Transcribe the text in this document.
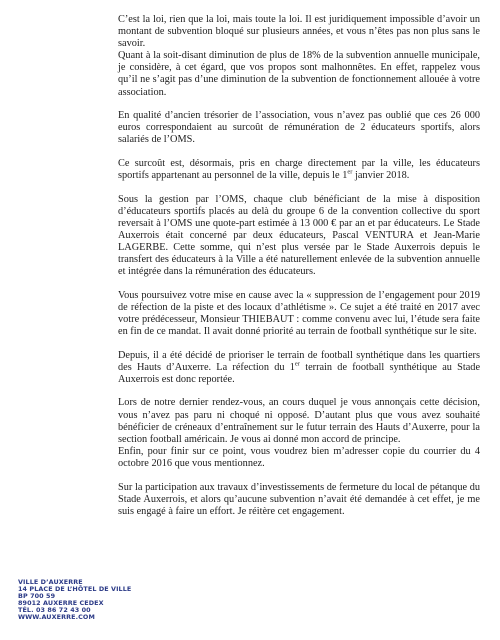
C’est la loi, rien que la loi, mais toute la loi. Il est juridiquement impossible d’avoir un montant de subvention bloqué sur plusieurs années, et vous n’êtes pas non plus sans le savoir.

Quant à la soit-disant diminution de plus de 18% de la subvention annuelle municipale, je considère, à cet égard, que vos propos sont malhonnêtes. En effet, rappelez vous qu’il ne s’agit pas d’une diminution de la subvention de fonctionnement allouée à votre association.

En qualité d’ancien trésorier de l’association, vous n’avez pas oublié que ces 26 000 euros correspondaient au surcoût de rémunération de 2 éducateurs sportifs, alors salariés de l’OMS.

Ce surcoût est, désormais, pris en charge directement par la ville, les éducateurs sportifs appartenant au personnel de la ville, depuis le 1er janvier 2018.

Sous la gestion par l’OMS, chaque club bénéficiant de la mise à disposition d’éducateurs sportifs placés au delà du groupe 6 de la convention collective du sport reversait à l’OMS une quote-part estimée à 13 000 € par an et par éducateurs. Le Stade Auxerrois était concerné par deux éducateurs, Pascal VENTURA et Jean-Marie LAGERBE. Cette somme, qui n’est plus versée par le Stade Auxerrois depuis le transfert des éducateurs à la Ville a été naturellement enlevée de la subvention annuelle et intégrée dans la rémunération des éducateurs.

Vous poursuivez votre mise en cause avec la « suppression de l’engagement pour 2019 de réfection de la piste et des locaux d’athlétisme ». Ce sujet a été traité en 2017 avec votre prédécesseur, Monsieur THIEBAUT : comme convenu avec lui, l’étude sera faite en fin de ce mandat. Il avait donné priorité au terrain de football synthétique sur le site.

Depuis, il a été décidé de prioriser le terrain de football synthétique dans les quartiers des Hauts d’Auxerre. La réfection du 1er terrain de football synthétique au Stade Auxerrois est donc reportée.

Lors de notre dernier rendez-vous, an cours duquel je vous annonçais cette décision, vous n’avez pas paru ni choqué ni opposé. D’autant plus que vous avez souhaité bénéficier de créneaux d’entraînement sur le futur terrain des Hauts d’Auxerre, pour la section football américain. Je vous ai donné mon accord de principe.

Enfin, pour finir sur ce point, vous voudrez bien m’adresser copie du courrier du 4 octobre 2016 que vous mentionnez.

Sur la participation aux travaux d’investissements de fermeture du local de pétanque du Stade Auxerrois, et alors qu’aucune subvention n’avait été demandée à cet effet, je me suis engagé à faire un effort. Je réitère cet engagement.

VILLE D’AUXERRE
14 PLACE DE L’HÔTEL DE VILLE
BP 700 59
89012 AUXERRE CEDEX
TÉL. 03 86 72 43 00
WWW.AUXERRE.COM
